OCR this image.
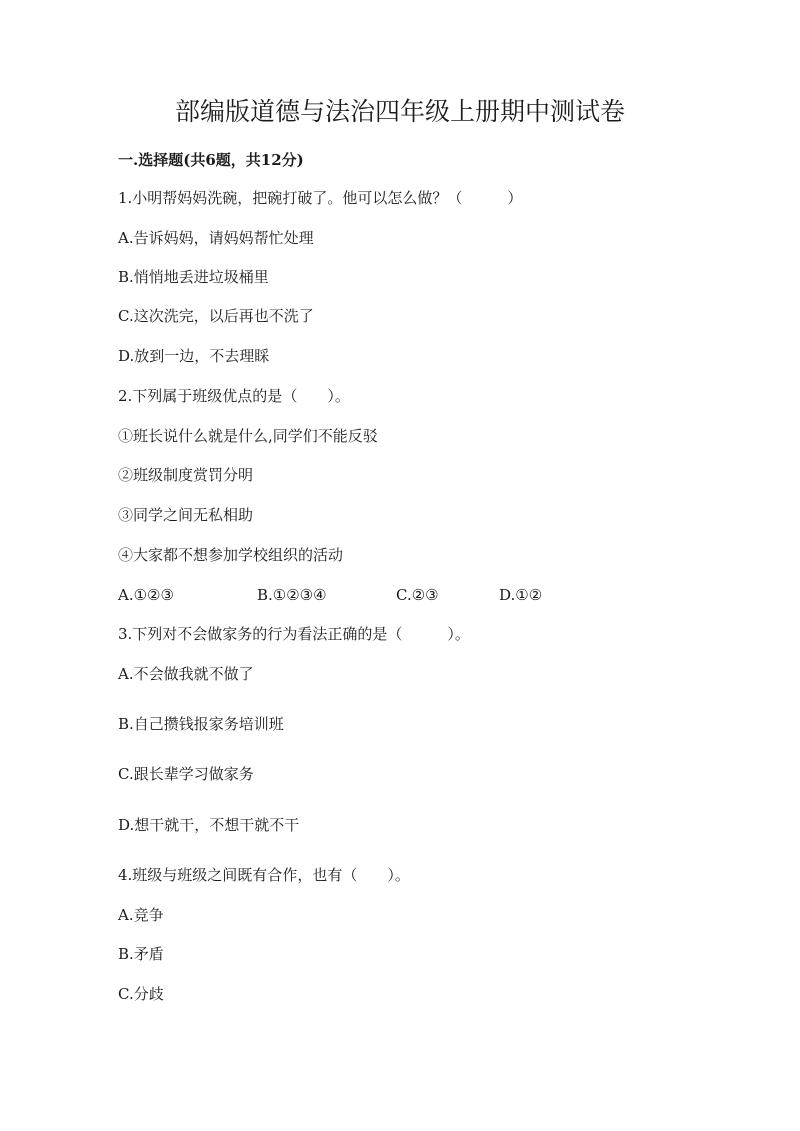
部编版道德与法治四年级上册期中测试卷
一.选择题(共6题，共12分)
1.小明帮妈妈洗碗，把碗打破了。他可以怎么做？（　　　）
A.告诉妈妈，请妈妈帮忙处理
B.悄悄地丢进垃圾桶里
C.这次洗完，以后再也不洗了
D.放到一边，不去理睬
2.下列属于班级优点的是（　　）。
①班长说什么就是什么,同学们不能反驳
②班级制度赏罚分明
③同学之间无私相助
④大家都不想参加学校组织的活动
A.①②③	B.①②③④	C.②③	D.①②
3.下列对不会做家务的行为看法正确的是（　　　）。
A.不会做我就不做了
B.自己攒钱报家务培训班
C.跟长辈学习做家务
D.想干就干，不想干就不干
4.班级与班级之间既有合作，也有（　　）。
A.竞争
B.矛盾
C.分歧
